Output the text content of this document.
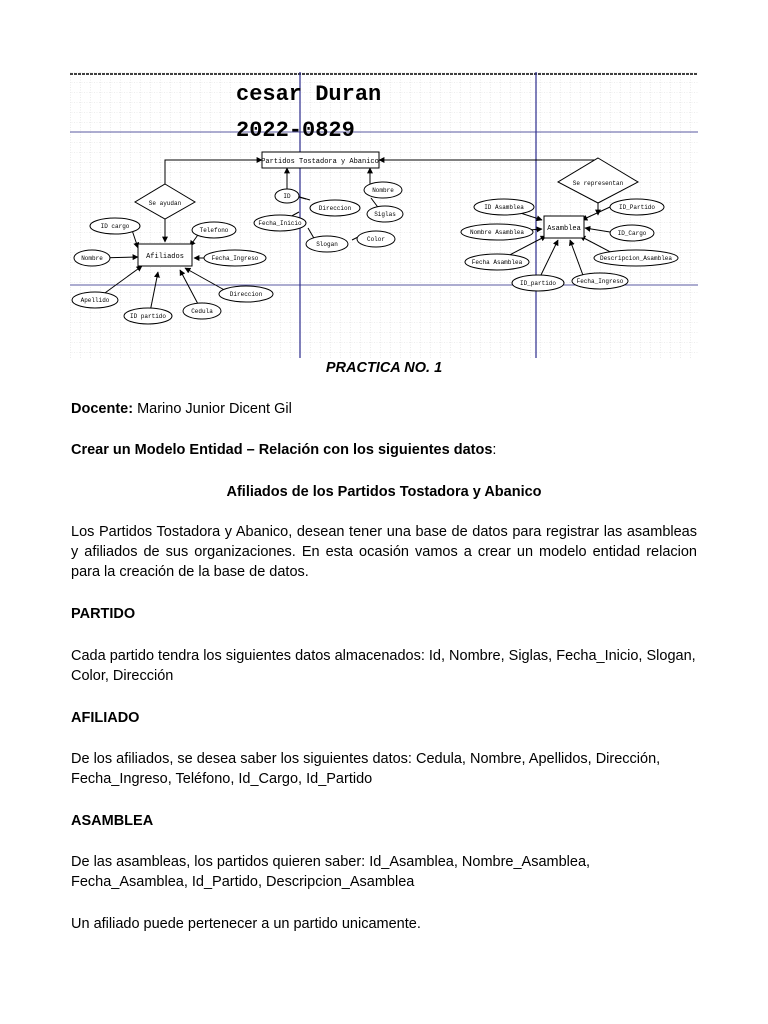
cesar Duran
2022-0829
Partidos Tostadora y Abanico
Afiliados
Asamblea
Se ayudan
Se representan
ID
Fecha_Inicio
Direccion
Nombre
Siglas
Slogan
Color
ID cargo
Telefono
Nombre	Fecha_Ingreso
Direccion
Apellido
ID partido
Cedula
ID Asamblea	ID_Partido
Nombre Asamblea	ID_Cargo
Fecha Asamblea
Descripcion_Asamblea
ID_partido	Fecha_Ingreso
PRACTICA NO. 1
Docente: Marino Junior Dicent Gil
Crear un Modelo Entidad – Relación con los siguientes datos:
Afiliados de los Partidos Tostadora y Abanico
Los Partidos Tostadora y Abanico, desean tener una base de datos para registrar las asambleas y afiliados de sus organizaciones. En esta ocasión vamos a crear un modelo entidad relacion para la creación de la base de datos.
PARTIDO
Cada partido tendra los siguientes datos almacenados: Id, Nombre, Siglas, Fecha_Inicio, Slogan, Color, Dirección
AFILIADO
De los afiliados, se desea saber los siguientes datos: Cedula, Nombre, Apellidos, Dirección, Fecha_Ingreso, Teléfono, Id_Cargo, Id_Partido
ASAMBLEA
De las asambleas, los partidos quieren saber: Id_Asamblea, Nombre_Asamblea, Fecha_Asamblea, Id_Partido, Descripcion_Asamblea
Un afiliado puede pertenecer a un partido unicamente.
